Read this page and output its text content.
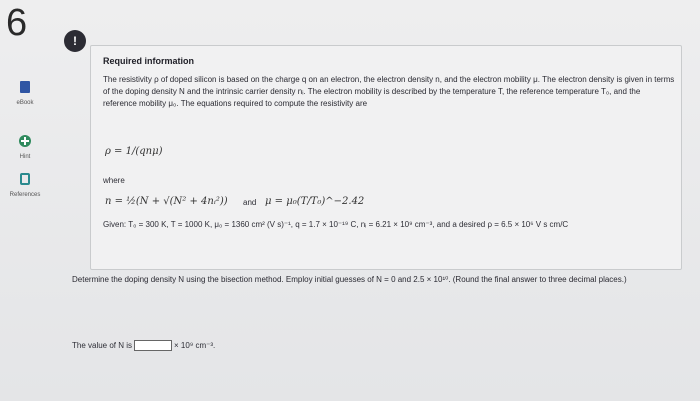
6
eBook
Hint
References
!
Required information
The resistivity ρ of doped silicon is based on the charge q on an electron, the electron density n, and the electron mobility μ. The electron density is given in terms of the doping density N and the intrinsic carrier density nᵢ. The electron mobility is described by the temperature T, the reference temperature T₀, and the reference mobility μ₀. The equations required to compute the resistivity are
ρ = 1/(qnμ)
where
n = ½(N + √(N² + 4nᵢ²)) and μ = μ₀(T/T₀)^−2.42
Given: T₀ = 300 K, T = 1000 K, μ₀ = 1360 cm² (V s)⁻¹, q = 1.7 × 10⁻¹⁹ C, nᵢ = 6.21 × 10⁹ cm⁻³, and a desired ρ = 6.5 × 10⁶ V s cm/C
Determine the doping density N using the bisection method. Employ initial guesses of N = 0 and 2.5 × 10¹⁰. (Round the final answer to three decimal places.)
The value of N is	× 10⁹ cm⁻³.
